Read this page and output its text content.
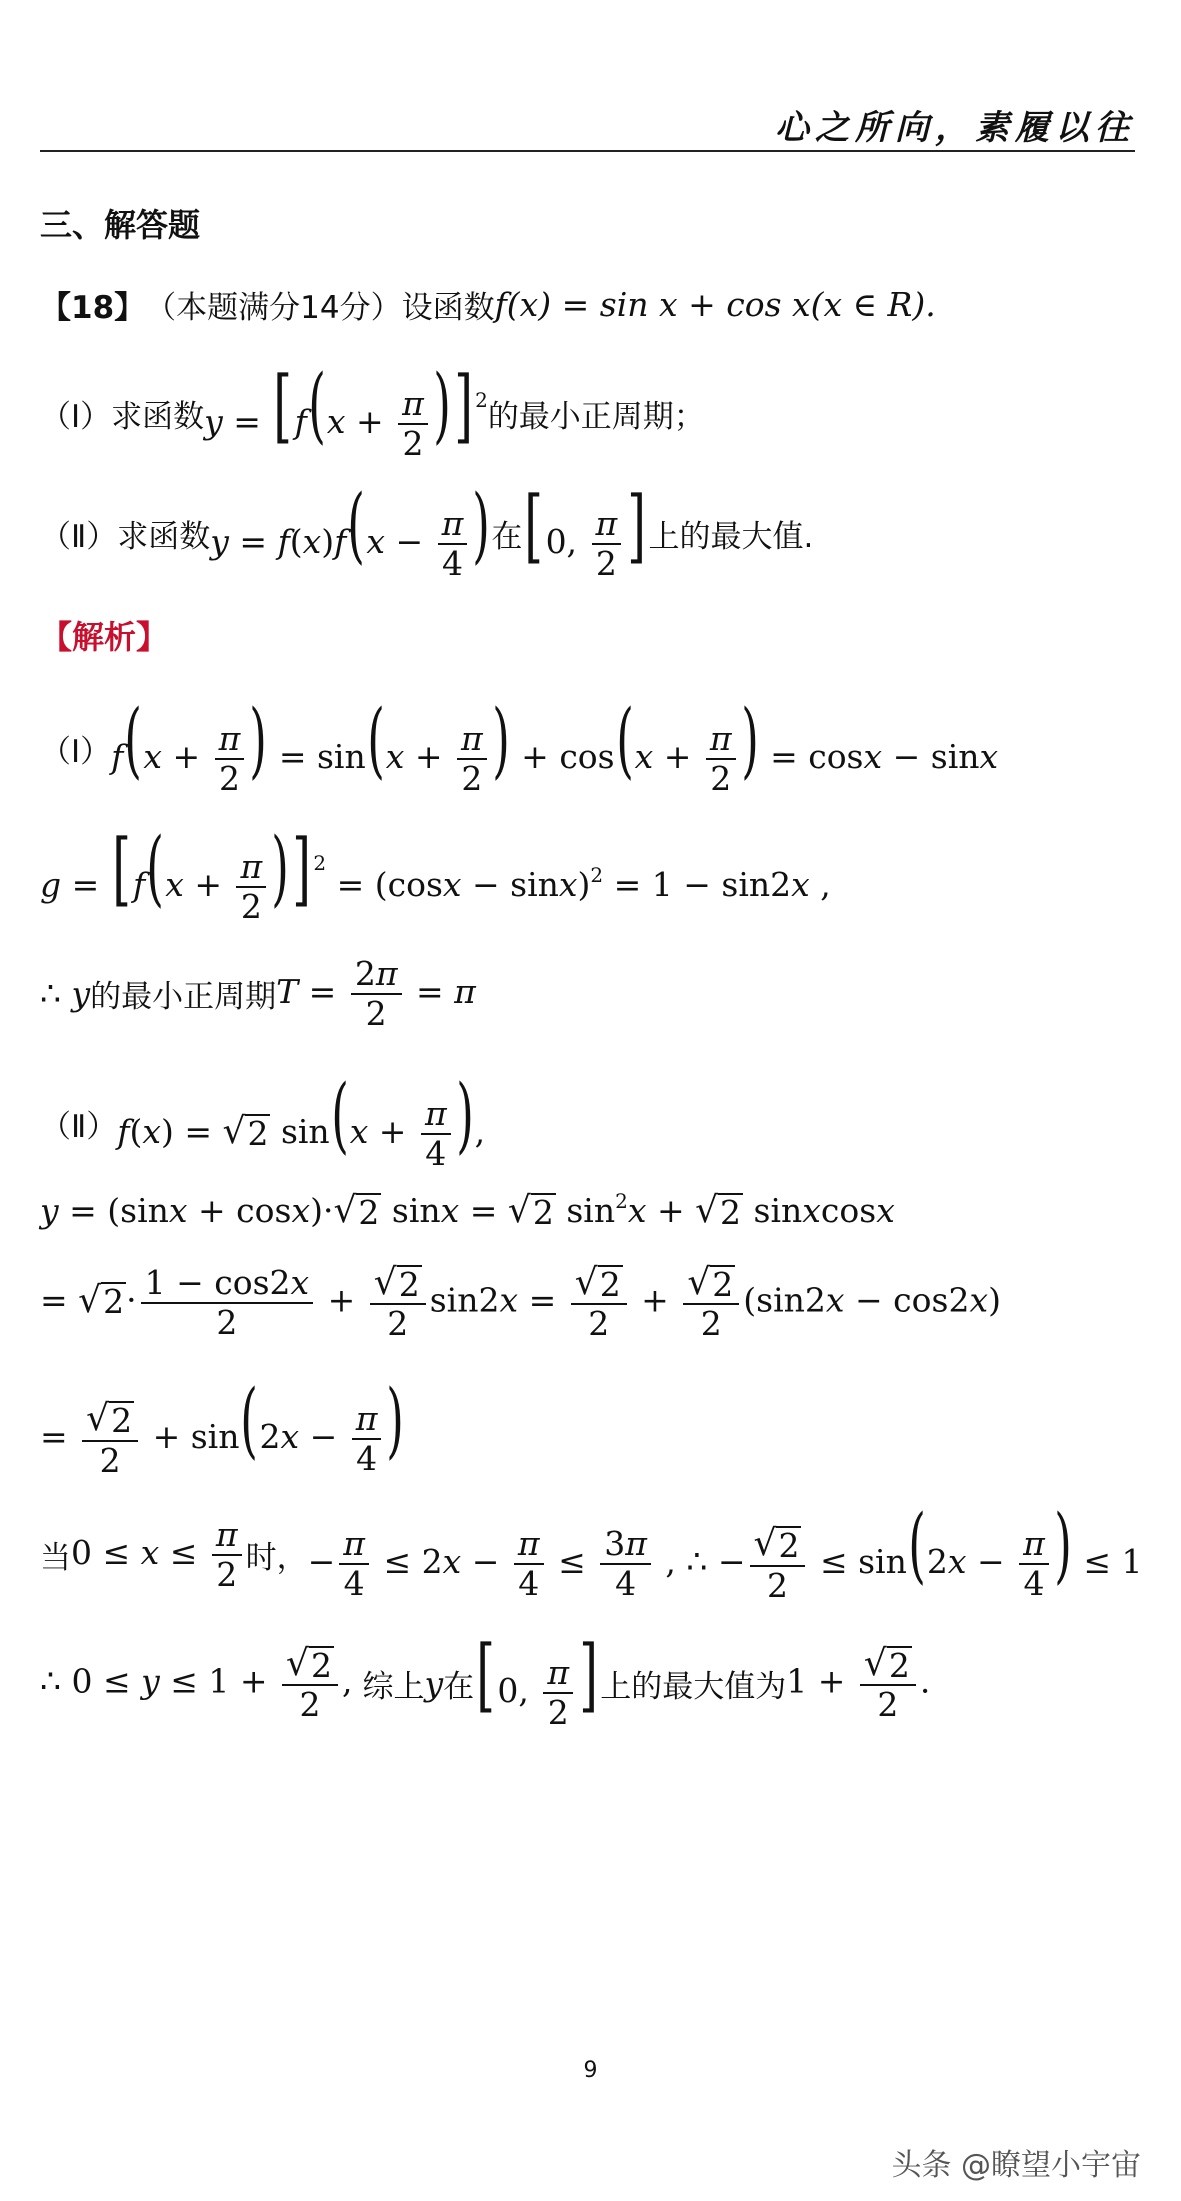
心之所向，素履以往
三、解答题
【18】 （本题满分14分）设函数 f(x) = sin x + cos x(x ∈ R).
（Ⅰ）求函数 $y = [f(x + \frac{\pi}{2}$ )] $^2$ 的最小正周期；
（Ⅱ）求函数 $y = f(x)f(x - \frac{\pi}{4}$ ) 在 [0, $\frac{\pi}{2}$ ] 上的最大值.
【解析】
（Ⅰ） $f(x + \frac{\pi}{2}$ ) = $\sin(x + \frac{\pi}{2}$ ) + $\cos(x + \frac{\pi}{2}$ ) = cosx − sinx
$g = [f(x + \frac{\pi}{2}$ )] $^2 = (\cos x - \sin x)^2 = 1 - \sin 2x$ ,
∴ y 的最小正周期 $T = \frac{2\pi}{2} = \pi$
（Ⅱ） f(x) = √ 2 $\sin(x + \frac{\pi}{4}$ ),
y = (sinx + cosx)· √ 2 sinx = √ 2 $\sin^2x$ + √ 2 sinxcosx
= √ $2 \cdot \frac{1 - \cos 2x}{2} + \frac{√ 2}{2} \sin 2x = \frac{√ 2}{2} + \frac{√ 2}{2} (\sin 2x - \cos 2x)$
= $\frac{√ 2}{2} + \sin(2x - \frac{\pi}{4}$ )
当 $0 \le x \le \frac{\pi}{2}$ 时， − $\frac{\pi}{4} \le 2x - \frac{\pi}{4} \le \frac{3\pi}{4}$ , ∴ − $\frac{√ 2}{2} \le \sin(2x - \frac{\pi}{4}$ ) ≤ 1
∴ $0 \le y \le 1 + \frac{√ 2}{2}$ , 综上 y 在 [0, $\frac{\pi}{2}$ ] 上的最大值为 $1 + \frac{√ 2}{2}$ .
9
头条 @瞭望小宇宙
